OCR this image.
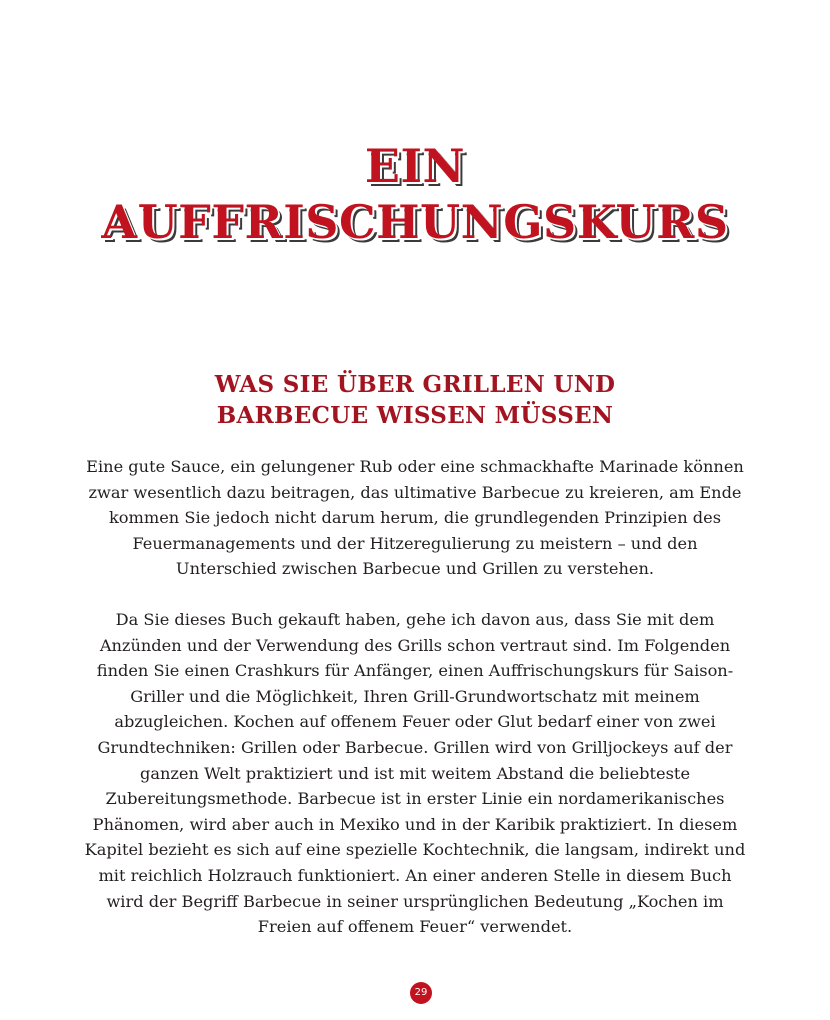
EIN
AUFFRISCHUNGSKURS
WAS SIE ÜBER GRILLEN UND
BARBECUE WISSEN MÜSSEN

Eine gute Sauce, ein gelungener Rub oder eine schmackhafte Marinade können
zwar wesentlich dazu beitragen, das ultimative Barbecue zu kreieren, am Ende
kommen Sie jedoch nicht darum herum, die grundlegenden Prinzipien des
Feuermanagements und der Hitzeregulierung zu meistern – und den
Unterschied zwischen Barbecue und Grillen zu verstehen.

Da Sie dieses Buch gekauft haben, gehe ich davon aus, dass Sie mit dem
Anzünden und der Verwendung des Grills schon vertraut sind. Im Folgenden
finden Sie einen Crashkurs für Anfänger, einen Auffrischungskurs für Saison-
Griller und die Möglichkeit, Ihren Grill-Grundwortschatz mit meinem
abzugleichen. Kochen auf offenem Feuer oder Glut bedarf einer von zwei
Grundtechniken: Grillen oder Barbecue. Grillen wird von Grilljockeys auf der
ganzen Welt praktiziert und ist mit weitem Abstand die beliebteste
Zubereitungsmethode. Barbecue ist in erster Linie ein nordamerikanisches
Phänomen, wird aber auch in Mexiko und in der Karibik praktiziert. In diesem
Kapitel bezieht es sich auf eine spezielle Kochtechnik, die langsam, indirekt und
mit reichlich Holzrauch funktioniert. An einer anderen Stelle in diesem Buch
wird der Begriff Barbecue in seiner ursprünglichen Bedeutung „Kochen im
Freien auf offenem Feuer“ verwendet.

29
